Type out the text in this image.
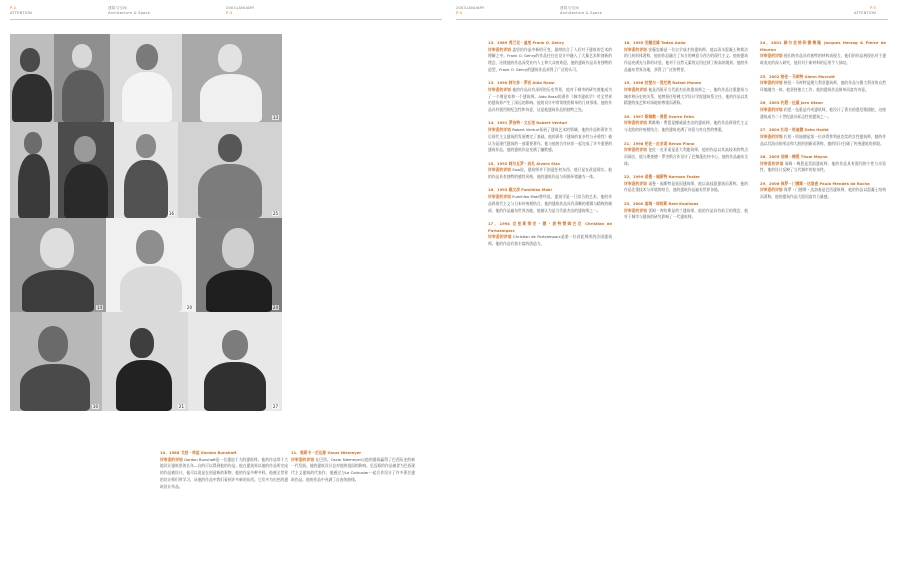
P:2
ATTENTION
建筑与空间
Architecture & Space
2003.JANUARY
P:3
2003.JANUARY
P:4
建筑与空间
Architecture & Space
P:5
ATTENTION
13
16	25
14	20	24
10	21	27
10、1988 戈登・邦夏 Gordon Bunshaft
评审委的评语 Gordon Bunshaft是一位建造于大的建筑师。他的作品等于大地设计建筑里的长年—自的可以得到他的作品。他在建筑界以他的作品所完成的作品被设计，他可以说是在创造新的事物，他的作品多种多样。他被全世界的设计师们所学习，从他的作品中我们看到许多新的东西。它们多为出色的建筑设计作品。
11、奥斯卡・尼迈耶 Oscar Niemeyer
评审委的评语 在巴西，Oscar Niemeyer以他的建筑赢得了巴西历史的新一代发展。他的建筑设计总对他的祖国的影响。尼迈耶的作品被誉为巴西现代主义建筑的代表作，他通过与Le Corbusier一起合作设计了许多著名建筑作品。他的作品中充满了自由的曲线。
13、1989 弗兰克・盖里 Frank O. Gehry
评审委的评语 盖里的作品中新的可变，最终结合了人们对于建筑的艺术的理解之中。Frank O. Gehry的作品往往在设计中融入了大量艺术和创新的理念，这使他的作品深受业内人士和大众的欢迎。他的建筑作品具有独特的造型，Frank O. Gehry的建筑作品获得了广泛的认可。
13、1990 阿尔多・罗西 Aldo Rossi
评审委的评语 他的作品具有深厚的历史背景，他对于城市的研究使他成为了一个理论家和一个建筑师。Aldo Rossi的著作《城市建筑学》对全世界的建筑界产生了深远的影响。他的设计中常常使用简单的几何形体，他的作品具有强烈的纪念性和诗意，这是他建筑作品的独特之处。
14、1991 罗伯特・文丘里 Robert Venturi
评审委的评语 Robert Venturi拓展了建筑艺术的领域，他的作品和著作为后现代主义建筑的发展奠定了基础。他的著作《建筑的复杂性与矛盾性》被认为是现代建筑的一部重要著作。他与他的合作伙伴一起完成了许多重要的建筑作品，他的建筑作品充满了幽默感。
15、1992 阿尔瓦罗・西扎 Alvaro Siza
评审委的评语 Siza说，建筑师并不创造任何东西，他只是在改造现实。他的作品具有独特的感性风格，他的建筑作品与周围环境融为一体。
16、1993 槇文彦 Fumihiko Maki
评审委的评语 Fumihiko Maki曾经说，建筑学是一门综合的艺术，他的作品将现代主义与日本传统相结合。他的建筑作品具有清晰的逻辑与精致的细部，他的作品遍布世界各地，他被认为是当代最杰出的建筑师之一。
17、1994 克里斯蒂安・德・波特赞姆巴克 Christian de Portzamparc
评审委的评语 Christian de Portzamparc是第一位获此殊荣的法国建筑师。他的作品有着丰富的创造力。
18、1995 安藤忠雄 Tadao Ando
评审委的评语 安藤忠雄是一位自学成才的建筑师，他以清水混凝土和简洁的几何形体著称，他的作品融合了东方的禅意与西方的现代主义。他的建筑作品充满光与影的诗意，他对于自然元素的运用达到了极高的境界，他的作品遍布世界各地，获得了广泛的赞誉。
19、1996 拉斐尔・莫尼奥 Rafael Moneo
评审委的评语 他是西班牙当代最杰出的建筑师之一，他的作品注重建筑与城市和历史的关系，他曾担任哈佛大学设计学院建筑系主任，他的作品以其精湛的技艺和对场地的尊重而著称。
20、1997 斯维勒・费恩 Sverre Fehn
评审委的评语 斯维勒・费恩是挪威最杰出的建筑师，他的作品将现代主义与北欧的传统相结合，他的建筑充满了诗意与对自然的尊重。
21、1998 伦佐・皮亚诺 Renzo Piano
评审委的评语 伦佐・皮亚诺是意大利建筑师，他的作品以其高技术的特点而闻名，他与理查德・罗杰斯合作设计了巴黎蓬皮杜中心，他的作品遍布全球。
22、1999 诺曼・福斯特 Norman Foster
评审委的评语 诺曼・福斯特是英国建筑师，他以高技派建筑而著称，他的作品注重技术与环境的结合，他的建筑作品遍布世界各地。
23、2000 雷姆・库哈斯 Rem Koolhaas
评审委的评语 雷姆・库哈斯是荷兰建筑师，他的作品具有前卫的理念，他对于城市与建筑的研究影响了一代建筑师。
24、2001 赫尔佐格和德梅隆 Jacques Herzog & Pierre de Meuron
评审委的评语 他们的作品具有独特的材料表现力，他们的作品展现出对于建筑表皮的深入研究，他们对于新材料的运用令人惊叹。
25、2002 格伦・马库特 Glenn Murcutt
评审委的评语 格伦・马库特是澳大利亚建筑师，他的作品与澳大利亚的自然环境融为一体，他坚持独立工作，他的建筑作品简单而富有诗意。
26、2003 约恩・伍重 Jorn Utzon
评审委的评语 约恩・伍重是丹麦建筑师，他设计了著名的悉尼歌剧院，这座建筑成为二十世纪最具标志性的建筑之一。
27、2004 扎哈・哈迪德 Zaha Hadid
评审委的评语 扎哈・哈迪德是第一位获得普利兹克奖的女性建筑师，她的作品以其流动的形态和大胆的创新而著称，她的设计打破了传统建筑的界限。
28、2005 汤姆・梅恩 Thom Mayne
评审委的评语 汤姆・梅恩是美国建筑师，他的作品具有强烈的个性与实验性，他的设计反映了当代城市的复杂性。
29、2006 保罗・门德斯・达洛查 Paulo Mendes da Rocha
评审委的评语 保罗・门德斯・达洛查是巴西建筑师，他的作品以混凝土结构而著称，他的建筑作品大胆而富有力量感。
